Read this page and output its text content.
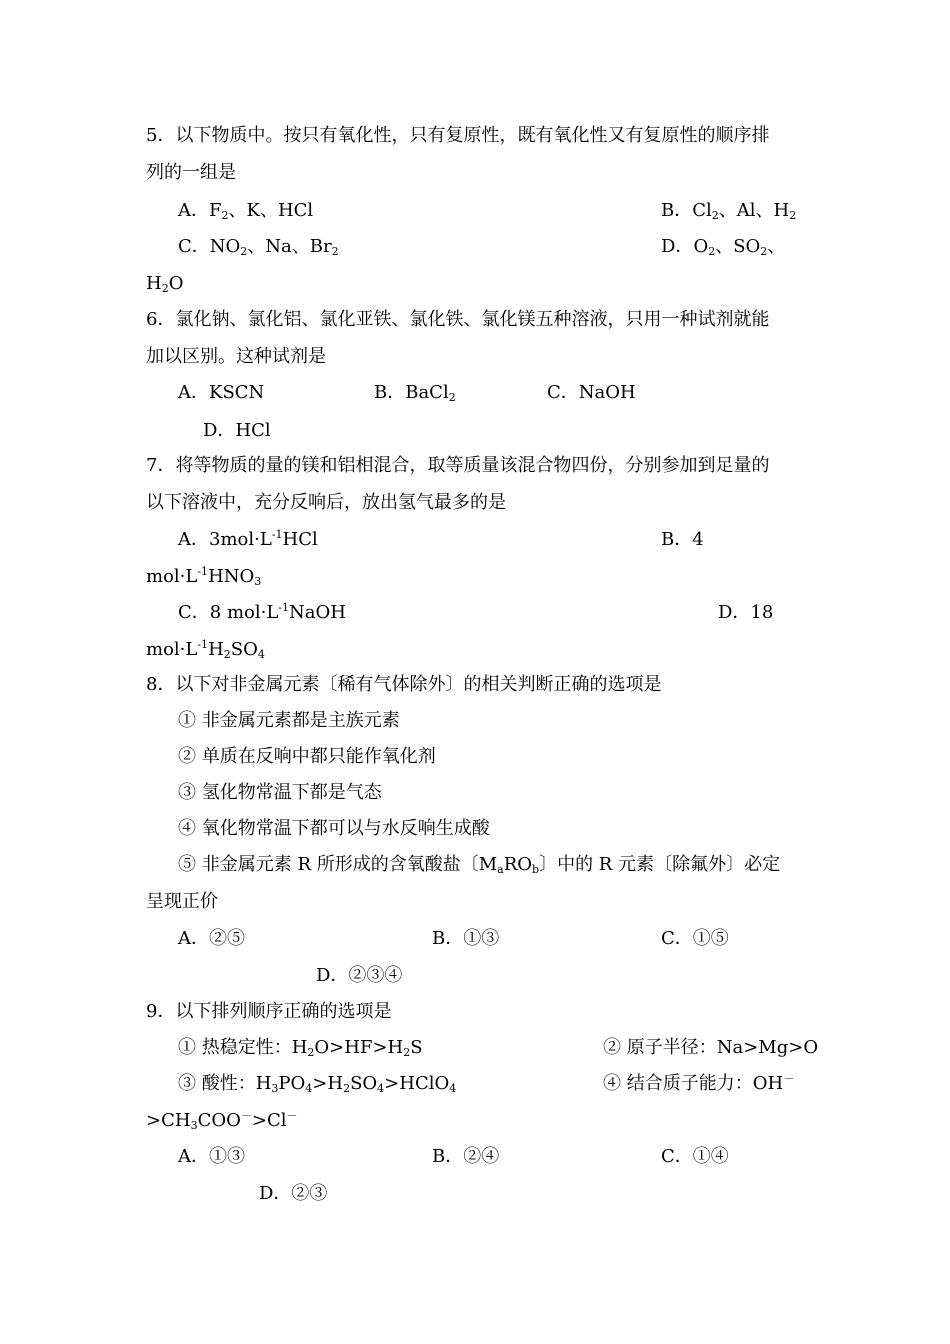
5．以下物质中。按只有氧化性，只有复原性，既有氧化性又有复原性的顺序排
列的一组是
A．$F_2$、K、HCl	B．$Cl_2$、Al、$H_2$
C．$NO_2$、Na、$Br_2$	D．$O_2$、$SO_2$、
$H_2O$
6．氯化钠、氯化铝、氯化亚铁、氯化铁、氯化镁五种溶液，只用一种试剂就能
加以区别。这种试剂是
A．KSCN	B．BaCl$_2$	C．NaOH
D．HCl
7．将等物质的量的镁和铝相混合，取等质量该混合物四份，分别参加到足量的
以下溶液中，充分反响后，放出氢气最多的是
A．$3mol\cdot L^{-1}HCl$	B．4
$mol\cdot L^{-1}HNO_3$
C．8 $mol\cdot L^{-1}NaOH$	D．18
$mol\cdot L^{-1}H_2SO_4$
8．以下对非金属元素〔稀有气体除外〕的相关判断正确的选项是
① 非金属元素都是主族元素
② 单质在反响中都只能作氧化剂
③ 氢化物常温下都是气态
④ 氧化物常温下都可以与水反响生成酸
⑤ 非金属元素 R 所形成的含氧酸盐〔$M_aRO_b$〕中的 R 元素〔除氟外〕必定
呈现正价
A．②⑤	B．①③	C．①⑤
D．②③④
9．以下排列顺序正确的选项是
① 热稳定性：$H_2O>HF>H_2S$	② 原子半径：Na>Mg>O
③ 酸性：$H_3PO_4>H_2SO_4>HClO_4$	④ 结合质子能力：OH－
$>CH_3COO^->Cl^-$
A．①③	B．②④	C．①④
D．②③
